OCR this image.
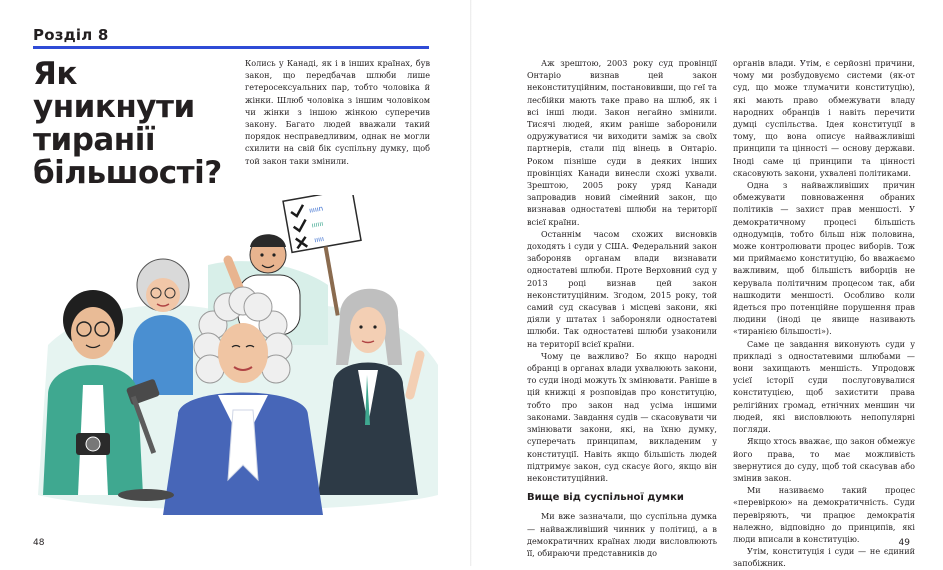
Розділ 8
Як уникнути
тиранії
більшості?
Колись у Канаді, як і в інших країнах, був закон, що передбачав шлюби лише гетеросексуальних пар, тобто чоловіка й жінки. Шлюб чоловіка з іншим чоловіком чи жінки з іншою жінкою суперечив закону. Багато людей вважали такий порядок несправедливим, однак не могли схилити на свій бік суспільну думку, щоб той закон таки змінили.
ııııın
ıııııı
ııııı
48

Аж зрештою, 2003 року суд провінції Онтаріо визнав цей закон неконституційним, постановивши, що геї та лесбійки мають таке право на шлюб, як і всі інші люди. Закон негайно змінили. Тисячі людей, яким раніше заборонили одружуватися чи виходити заміж за своїх партнерів, стали під вінець в Онтаріо. Роком пізніше суди в деяких інших провінціях Канади винесли схожі ухвали. Зрештою, 2005 року уряд Канади запровадив новий сімейний закон, що визнавав одностатеві шлюби на території всієї країни.

Останнім часом схожих висновків доходять і суди у США. Федеральний закон забороняв органам влади визнавати одностатеві шлюби. Проте Верховний суд у 2013 році визнав цей закон неконституційним. Згодом, 2015 року, той самий суд скасував і місцеві закони, які діяли у штатах і забороняли одностатеві шлюби. Так одностатеві шлюби узаконили на території всієї країни.

Чому це важливо? Бо якщо народні обранці в органах влади ухвалюють закони, то суди іноді можуть їх змінювати. Раніше в цій книжці я розповідав про конституцію, тобто про закон над усіма іншими законами. Завдання судів — скасовувати чи змінювати закони, які, на їхню думку, суперечать принципам, викладеним у конституції. Навіть якщо більшість людей підтримує закон, суд скасує його, якщо він неконституційний.

Вище від суспільної думки

Ми вже зазначали, що суспільна думка — найважливіший чинник у політиці, а в демократичних країнах люди висловлюють її, обираючи представників до

органів влади. Утім, є серйозні причини, чому ми розбудовуємо системи (як-от суд, що може тлумачити конституцію), які мають право обмежувати владу народних обранців і навіть перечити думці суспільства. Ідея конституції в тому, що вона описує найважливіші принципи та цінності — основу держави. Іноді саме ці принципи та цінності скасовують закони, ухвалені політиками.

Одна з найважливіших причин обмежувати повноваження обраних політиків — захист прав меншості. У демократичному процесі більшість однодумців, тобто більш ніж половина, може контролювати процес виборів. Тож ми приймаємо конституцію, бо вважаємо важливим, щоб більшість виборців не керувала політичним процесом так, аби нашкодити меншості. Особливо коли йдеться про потенційне порушення прав людини (іноді це явище називають «тиранією більшості»).

Саме це завдання виконують суди у прикладі з одностатевими шлюбами — вони захищають меншість. Упродовж усієї історії суди послуговувалися конституцією, щоб захистити права релігійних громад, етнічних меншин чи людей, які висловлюють непопулярні погляди.

Якщо хтось вважає, що закон обмежує його права, то має можливість звернутися до суду, щоб той скасував або змінив закон.

Ми називаємо такий процес «перевіркою» на демократичність. Суди перевіряють, чи працює демократія належно, відповідно до принципів, які люди вписали в конституцію.

Утім, конституція і суди — не єдиний запобіжник.

49
